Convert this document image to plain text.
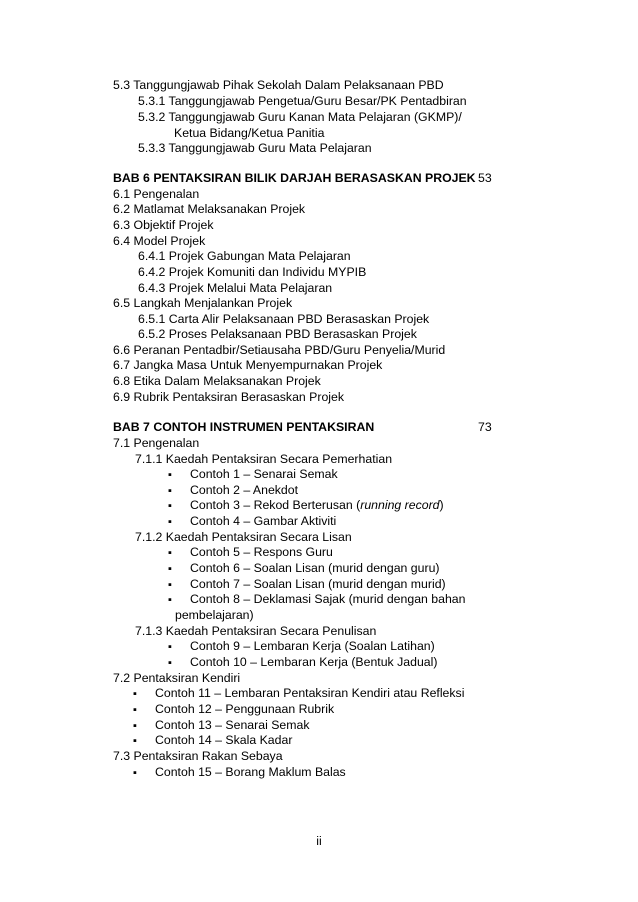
5.3 Tanggungjawab Pihak Sekolah Dalam Pelaksanaan PBD
5.3.1 Tanggungjawab Pengetua/Guru Besar/PK Pentadbiran
5.3.2 Tanggungjawab Guru Kanan Mata Pelajaran (GKMP)/
Ketua Bidang/Ketua Panitia
5.3.3 Tanggungjawab Guru Mata Pelajaran
BAB 6 PENTAKSIRAN BILIK DARJAH BERASASKAN PROJEK 53
6.1 Pengenalan
6.2 Matlamat Melaksanakan Projek
6.3 Objektif Projek
6.4 Model Projek
6.4.1 Projek Gabungan Mata Pelajaran
6.4.2 Projek Komuniti dan Individu MYPIB
6.4.3 Projek Melalui Mata Pelajaran
6.5 Langkah Menjalankan Projek
6.5.1 Carta Alir Pelaksanaan PBD Berasaskan Projek
6.5.2 Proses Pelaksanaan PBD Berasaskan Projek
6.6 Peranan Pentadbir/Setiausaha PBD/Guru Penyelia/Murid
6.7 Jangka Masa Untuk Menyempurnakan Projek
6.8 Etika Dalam Melaksanakan Projek
6.9 Rubrik Pentaksiran Berasaskan Projek
BAB 7 CONTOH INSTRUMEN PENTAKSIRAN	73
7.1 Pengenalan
7.1.1 Kaedah Pentaksiran Secara Pemerhatian
▪ Contoh 1 – Senarai Semak
▪ Contoh 2 – Anekdot
▪ Contoh 3 – Rekod Berterusan (running record)
▪ Contoh 4 – Gambar Aktiviti
7.1.2 Kaedah Pentaksiran Secara Lisan
▪ Contoh 5 – Respons Guru
▪ Contoh 6 – Soalan Lisan (murid dengan guru)
▪ Contoh 7 – Soalan Lisan (murid dengan murid)
▪ Contoh 8 – Deklamasi Sajak (murid dengan bahan
pembelajaran)
7.1.3 Kaedah Pentaksiran Secara Penulisan
▪ Contoh 9 – Lembaran Kerja (Soalan Latihan)
▪ Contoh 10 – Lembaran Kerja (Bentuk Jadual)
7.2 Pentaksiran Kendiri
▪ Contoh 11 – Lembaran Pentaksiran Kendiri atau Refleksi
▪ Contoh 12 – Penggunaan Rubrik
▪ Contoh 13 – Senarai Semak
▪ Contoh 14 – Skala Kadar
7.3 Pentaksiran Rakan Sebaya
▪ Contoh 15 – Borang Maklum Balas
ii
